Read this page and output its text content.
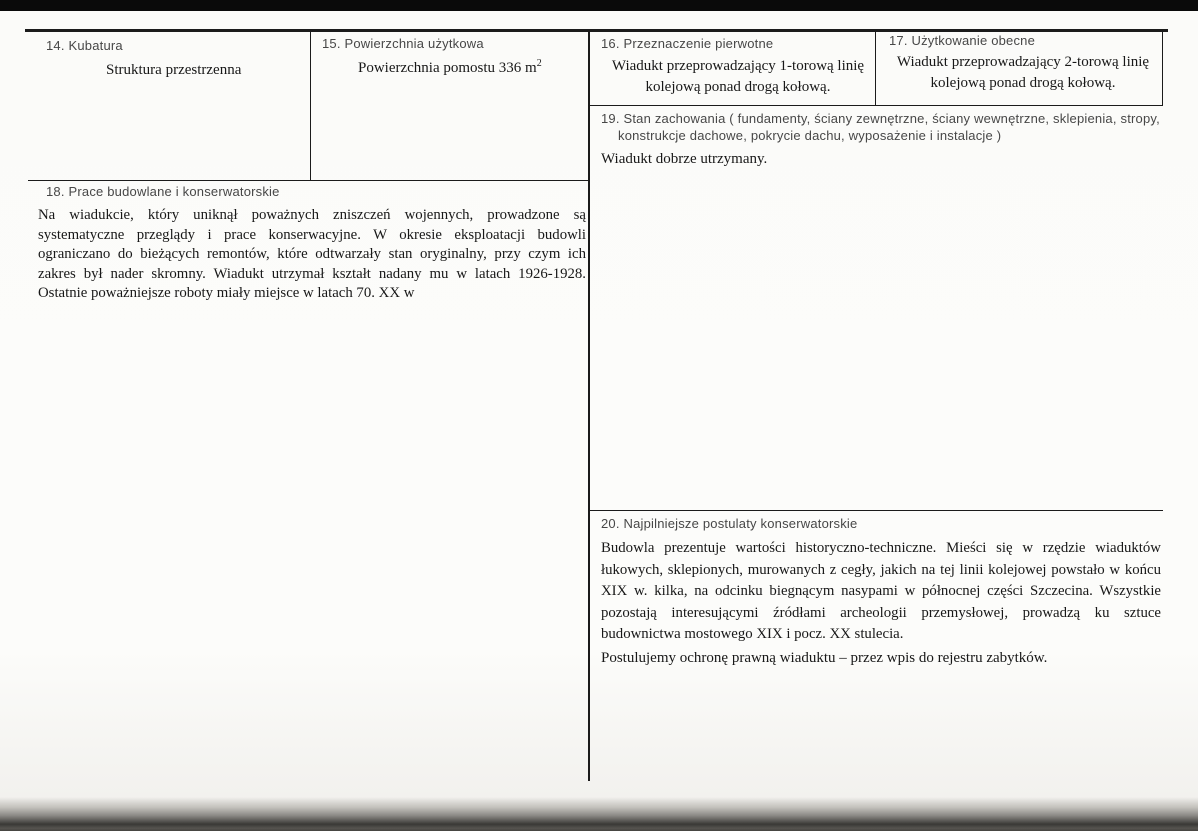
14. Kubatura
Struktura przestrzenna
15. Powierzchnia użytkowa
Powierzchnia pomostu 336 $m^2$
16. Przeznaczenie pierwotne
Wiadukt przeprowadzający 1-torową linię kolejową ponad drogą kołową.
17. Użytkowanie obecne
Wiadukt przeprowadzający 2-torową linię kolejową ponad drogą kołową.
19. Stan zachowania ( fundamenty, ściany zewnętrzne, ściany wewnętrzne, sklepienia, stropy, konstrukcje dachowe, pokrycie dachu, wyposażenie i instalacje )
Wiadukt dobrze utrzymany.
18. Prace budowlane i konserwatorskie
Na wiadukcie, który uniknął poważnych zniszczeń wojennych, prowadzone są systematyczne przeglądy i prace konserwacyjne. W okresie eksploatacji budowli ograniczano do bieżących remontów, które odtwarzały stan oryginalny, przy czym ich zakres był nader skromny. Wiadukt utrzymał kształt nadany mu w latach 1926-1928. Ostatnie poważniejsze roboty miały miejsce w latach 70. XX w
20. Najpilniejsze postulaty konserwatorskie
Budowla prezentuje wartości historyczno-techniczne. Mieści się w rzędzie wiaduktów łukowych, sklepionych, murowanych z cegły, jakich na tej linii kolejowej powstało w końcu XIX w. kilka, na odcinku biegnącym nasypami w północnej części Szczecina. Wszystkie pozostają interesującymi źródłami archeologii przemysłowej, prowadzą ku sztuce budownictwa mostowego XIX i pocz. XX stulecia.
Postulujemy ochronę prawną wiaduktu – przez wpis do rejestru zabytków.
